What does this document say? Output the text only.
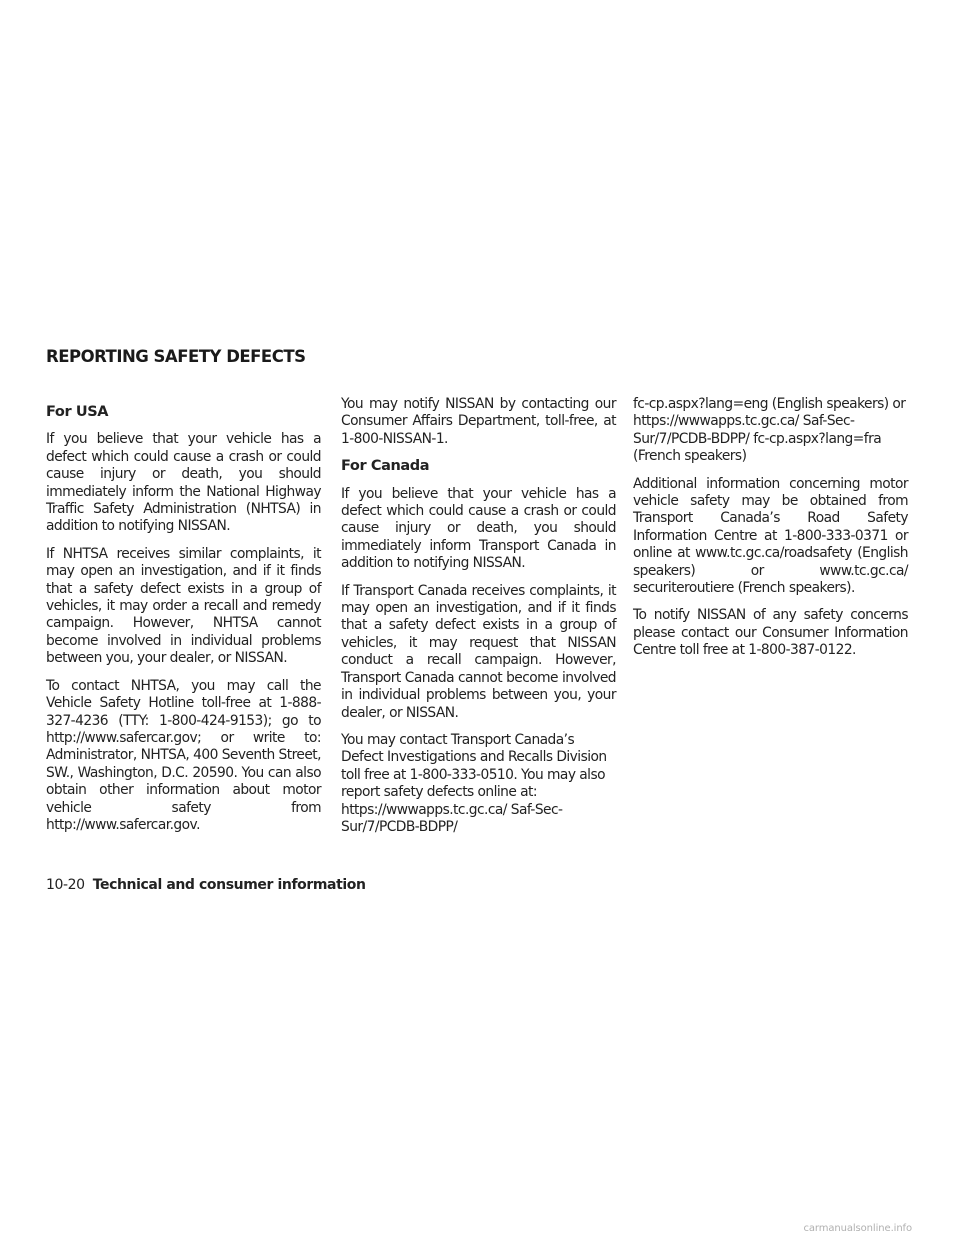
REPORTING SAFETY DEFECTS
For USA

If you believe that your vehicle has a defect which could cause a crash or could cause injury or death, you should immediately inform the National Highway Traffic Safety Administration (NHTSA) in addition to notifying NISSAN.

If NHTSA receives similar complaints, it may open an investigation, and if it finds that a safety defect exists in a group of vehicles, it may order a recall and remedy campaign. However, NHTSA cannot become involved in individual problems between you, your dealer, or NISSAN.

To contact NHTSA, you may call the Vehicle Safety Hotline toll-free at 1-888-327-4236 (TTY: 1-800-424-9153); go to http://www.safercar.gov; or write to: Administrator, NHTSA, 400 Seventh Street, SW., Washington, D.C. 20590. You can also obtain other information about motor vehicle safety from http://www.safercar.gov.

You may notify NISSAN by contacting our Consumer Affairs Department, toll-free, at 1-800-NISSAN-1.

For Canada

If you believe that your vehicle has a defect which could cause a crash or could cause injury or death, you should immediately inform Transport Canada in addition to notifying NISSAN.

If Transport Canada receives complaints, it may open an investigation, and if it finds that a safety defect exists in a group of vehicles, it may request that NISSAN conduct a recall campaign. However, Transport Canada cannot become involved in individual problems between you, your dealer, or NISSAN.

You may contact Transport Canada’s Defect Investigations and Recalls Division toll free at 1-800-333-0510. You may also report safety defects online at: https://wwwapps.tc.gc.ca/ Saf-Sec-Sur/7/PCDB-BDPP/

fc-cp.aspx?lang=eng (English speakers) or https://wwwapps.tc.gc.ca/ Saf-Sec-Sur/7/PCDB-BDPP/ fc-cp.aspx?lang=fra (French speakers)

Additional information concerning motor vehicle safety may be obtained from Transport Canada’s Road Safety Information Centre at 1-800-333-0371 or online at www.tc.gc.ca/roadsafety (English speakers) or www.tc.gc.ca/ securiteroutiere (French speakers).

To notify NISSAN of any safety concerns please contact our Consumer Information Centre toll free at 1-800-387-0122.

10-20 Technical and consumer information
carmanualsonline.info
